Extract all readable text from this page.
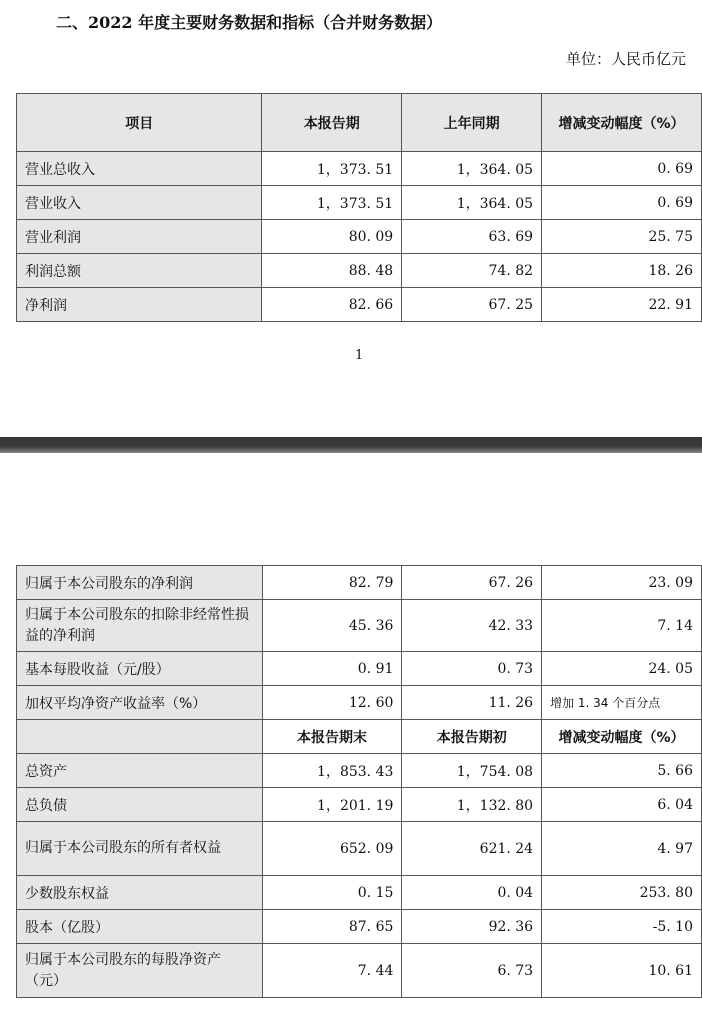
二、2022 年度主要财务数据和指标（合并财务数据）
单位：人民币亿元
项目	本报告期	上年同期	增减变动幅度（%）
营业总收入	1，373. 51	1，364. 05	0. 69
营业收入	1，373. 51	1，364. 05	0. 69
营业利润	80. 09	63. 69	25. 75
利润总额	88. 48	74. 82	18. 26
净利润	82. 66	67. 25	22. 91
1
归属于本公司股东的净利润	82. 79	67. 26	23. 09
归属于本公司股东的扣除非经常性损益的净利润	45. 36	42. 33	7. 14
基本每股收益（元/股）	0. 91	0. 73	24. 05
加权平均净资产收益率（%）	12. 60	11. 26	增加 1. 34 个百分点
	本报告期末	本报告期初	增减变动幅度（%）
总资产	1，853. 43	1，754. 08	5. 66
总负债	1，201. 19	1，132. 80	6. 04
归属于本公司股东的所有者权益	652. 09	621. 24	4. 97
少数股东权益	0. 15	0. 04	253. 80
股本（亿股）	87. 65	92. 36	-5. 10
归属于本公司股东的每股净资产（元）	7. 44	6. 73	10. 61
